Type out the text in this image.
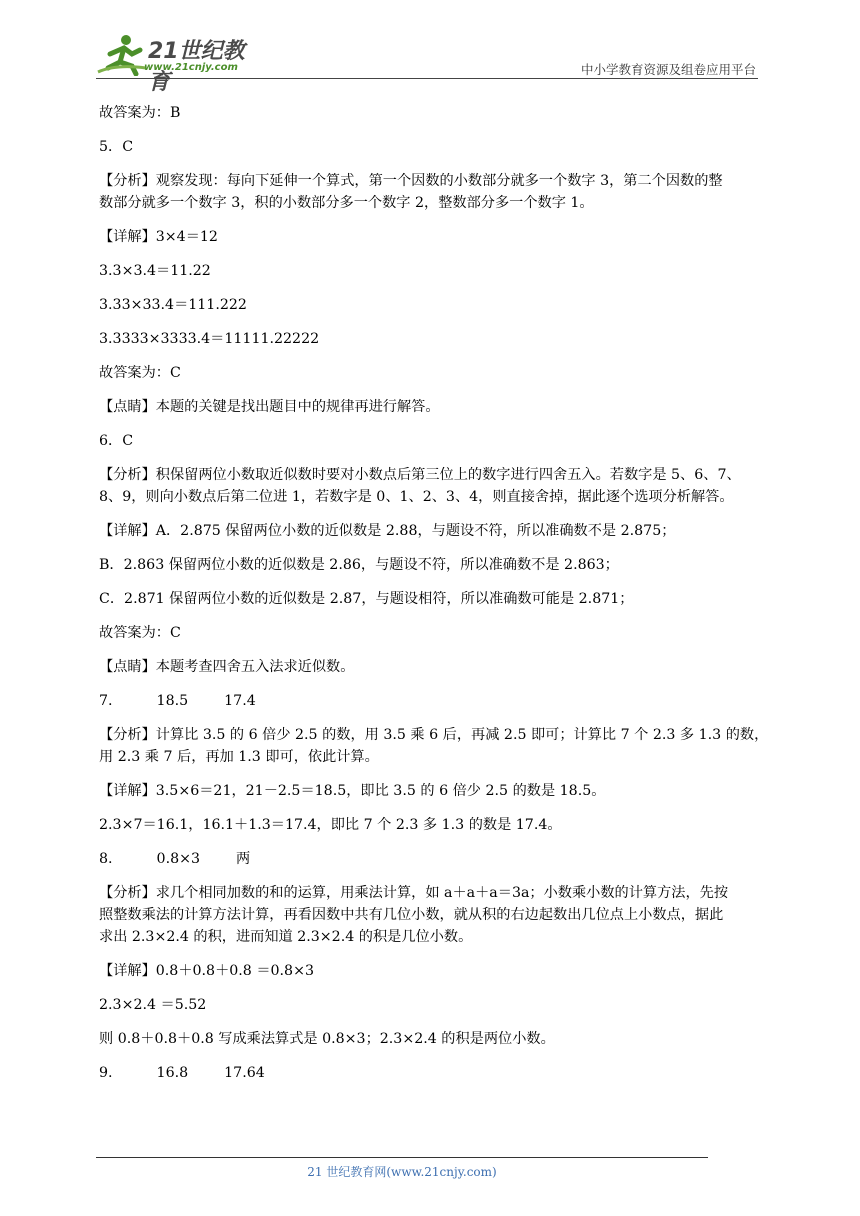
21世纪教育
www.21cnjy.com	中小学教育资源及组卷应用平台

故答案为：B

5．C

【分析】观察发现：每向下延伸一个算式，第一个因数的小数部分就多一个数字 3，第二个因数的整

数部分就多一个数字 3，积的小数部分多一个数字 2，整数部分多一个数字 1。

【详解】3×4＝12

3.3×3.4＝11.22

3.33×33.4＝111.222

3.3333×3333.4＝11111.22222

故答案为：C

【点睛】本题的关键是找出题目中的规律再进行解答。

6．C

【分析】积保留两位小数取近似数时要对小数点后第三位上的数字进行四舍五入。若数字是 5、6、7、

8、9，则向小数点后第二位进 1，若数字是 0、1、2、3、4，则直接舍掉，据此逐个选项分析解答。

【详解】A．2.875 保留两位小数的近似数是 2.88，与题设不符，所以准确数不是 2.875；

B．2.863 保留两位小数的近似数是 2.86，与题设不符，所以准确数不是 2.863；

C．2.871 保留两位小数的近似数是 2.87，与题设相符，所以准确数可能是 2.871；

故答案为：C

【点睛】本题考查四舍五入法求近似数。

7.	18.5	17.4

【分析】计算比 3.5 的 6 倍少 2.5 的数，用 3.5 乘 6 后，再减 2.5 即可；计算比 7 个 2.3 多 1.3 的数，

用 2.3 乘 7 后，再加 1.3 即可，依此计算。

【详解】3.5×6＝21，21－2.5＝18.5，即比 3.5 的 6 倍少 2.5 的数是 18.5。

2.3×7＝16.1，16.1＋1.3＝17.4，即比 7 个 2.3 多 1.3 的数是 17.4。

8.	0.8×3	两

【分析】求几个相同加数的和的运算，用乘法计算，如 a＋a＋a＝3a；小数乘小数的计算方法，先按

照整数乘法的计算方法计算，再看因数中共有几位小数，就从积的右边起数出几位点上小数点，据此

求出 2.3×2.4 的积，进而知道 2.3×2.4 的积是几位小数。

【详解】0.8＋0.8＋0.8 ＝0.8×3

2.3×2.4 ＝5.52

则 0.8＋0.8＋0.8 写成乘法算式是 0.8×3；2.3×2.4 的积是两位小数。

9.	16.8	17.64

21 世纪教育网(www.21cnjy.com)
